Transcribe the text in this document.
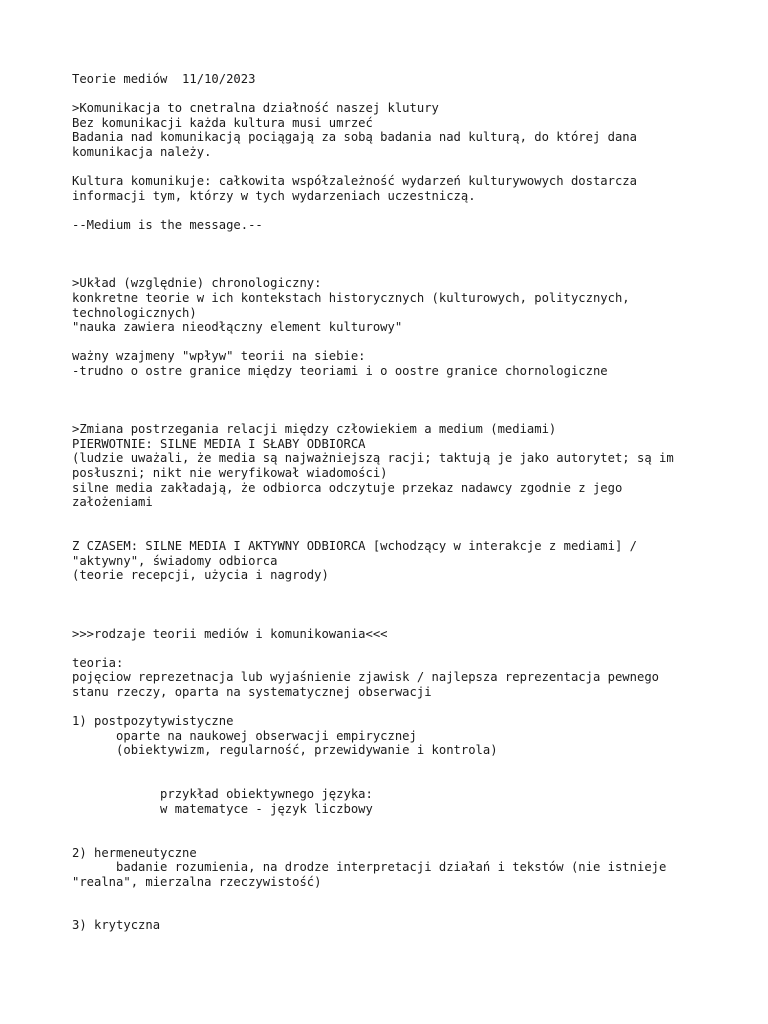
Teorie mediów  11/10/2023
>Komunikacja to cnetralna działność naszej klutury
Bez komunikacji każda kultura musi umrzeć
Badania nad komunikacją pociągają za sobą badania nad kulturą, do której dana
komunikacja należy.
Kultura komunikuje: całkowita współzależność wydarzeń kulturywowych dostarcza
informacji tym, którzy w tych wydarzeniach uczestniczą.
--Medium is the message.--
>Układ (względnie) chronologiczny:
konkretne teorie w ich kontekstach historycznych (kulturowych, politycznych,
technologicznych)
"nauka zawiera nieodłączny element kulturowy"
ważny wzajmeny "wpływ" teorii na siebie:
-trudno o ostre granice między teoriami i o oostre granice chornologiczne
>Zmiana postrzegania relacji między człowiekiem a medium (mediami)
PIERWOTNIE: SILNE MEDIA I SŁABY ODBIORCA
(ludzie uważali, że media są najważniejszą racji; taktują je jako autorytet; są im
posłuszni; nikt nie weryfikował wiadomości)
silne media zakładają, że odbiorca odczytuje przekaz nadawcy zgodnie z jego
założeniami
Z CZASEM: SILNE MEDIA I AKTYWNY ODBIORCA [wchodzący w interakcje z mediami] /
"aktywny", świadomy odbiorca
(teorie recepcji, użycia i nagrody)
>>>rodzaje teorii mediów i komunikowania<<<
teoria:
pojęciow reprezetnacja lub wyjaśnienie zjawisk / najlepsza reprezentacja pewnego
stanu rzeczy, oparta na systematycznej obserwacji
1) postpozytywistyczne
oparte na naukowej obserwacji empirycznej
(obiektywizm, regularność, przewidywanie i kontrola)
przykład obiektywnego języka:
w matematyce - język liczbowy
2) hermeneutyczne
badanie rozumienia, na drodze interpretacji działań i tekstów (nie istnieje
"realna", mierzalna rzeczywistość)
3) krytyczna
